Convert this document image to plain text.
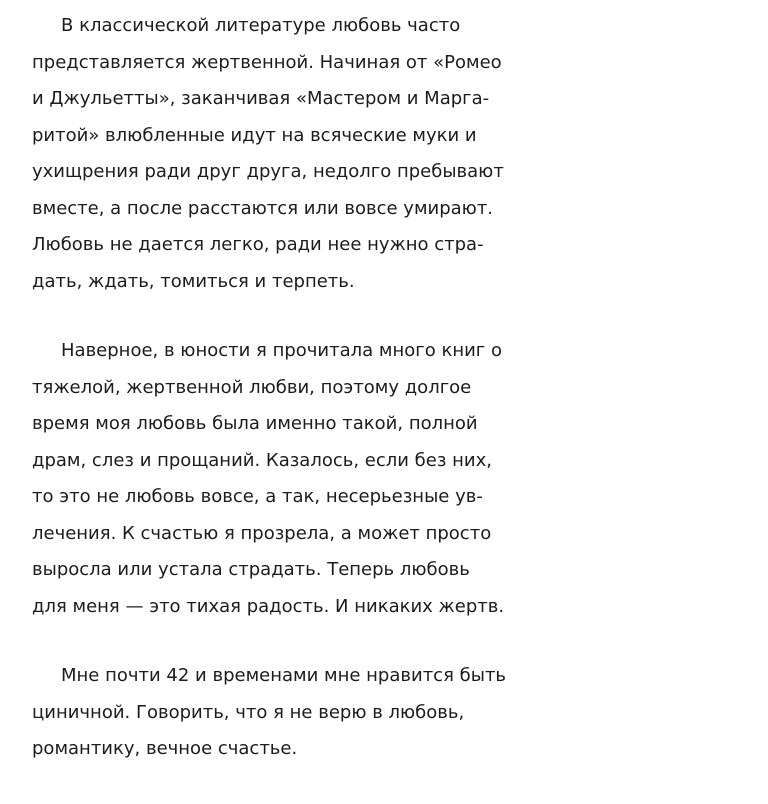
В классической литературе любовь часто
представляется жертвенной. Начиная от «Ромео
и Джульетты», заканчивая «Мастером и Марга-
ритой» влюбленные идут на всяческие муки и
ухищрения ради друг друга, недолго пребывают
вместе, а после расстаются или вовсе умирают.
Любовь не дается легко, ради нее нужно стра-
дать, ждать, томиться и терпеть.
Наверное, в юности я прочитала много книг о
тяжелой, жертвенной любви, поэтому долгое
время моя любовь была именно такой, полной
драм, слез и прощаний. Казалось, если без них,
то это не любовь вовсе, а так, несерьезные ув-
лечения. К счастью я прозрела, а может просто
выросла или устала страдать. Теперь любовь
для меня — это тихая радость. И никаких жертв.
Мне почти 42 и временами мне нравится быть
циничной. Говорить, что я не верю в любовь,
романтику, вечное счастье.
